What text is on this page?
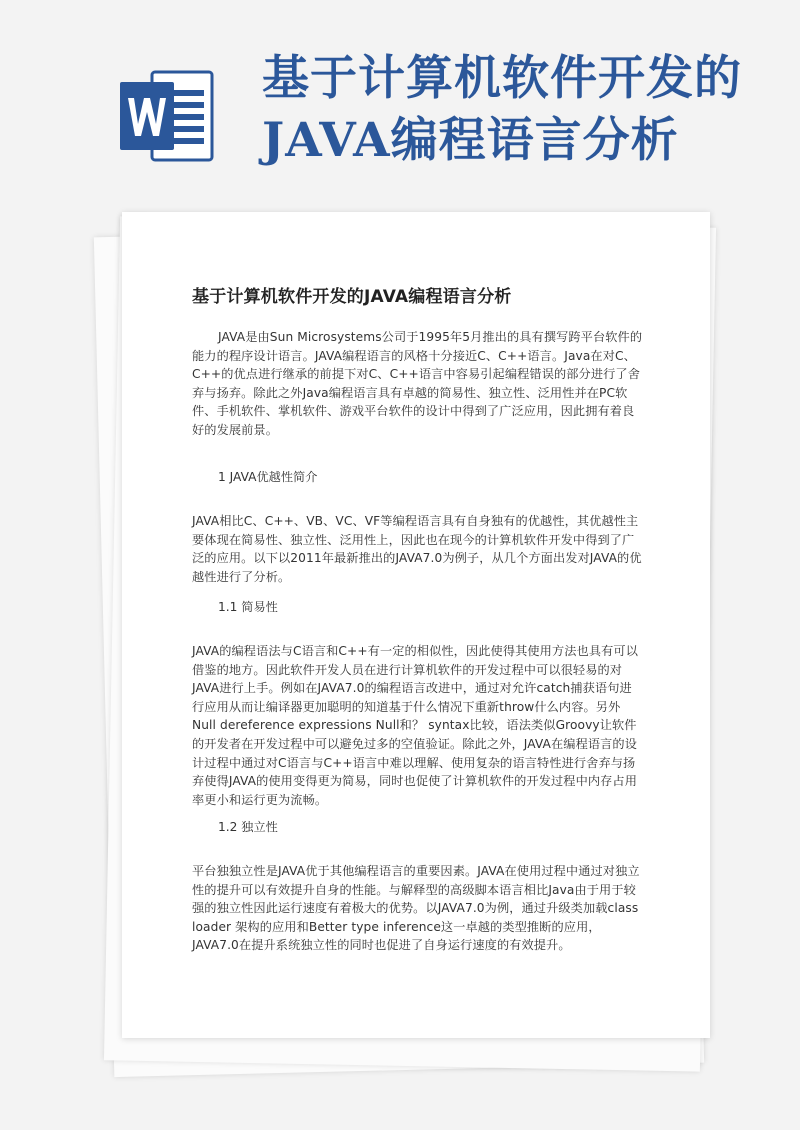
基于计算机软件开发的
JAVA编程语言分析
基于计算机软件开发的JAVA编程语言分析

JAVA是由Sun Microsystems公司于1995年5月推出的具有撰写跨平台软件的能力的程序设计语言。JAVA编程语言的风格十分接近C、C++语言。Java在对C、C++的优点进行继承的前提下对C、C++语言中容易引起编程错误的部分进行了舍弃与扬弃。除此之外Java编程语言具有卓越的简易性、独立性、泛用性并在PC软件、手机软件、掌机软件、游戏平台软件的设计中得到了广泛应用，因此拥有着良好的发展前景。

1 JAVA优越性简介

JAVA相比C、C++、VB、VC、VF等编程语言具有自身独有的优越性，其优越性主要体现在简易性、独立性、泛用性上，因此也在现今的计算机软件开发中得到了广泛的应用。以下以2011年最新推出的JAVA7.0为例子，从几个方面出发对JAVA的优越性进行了分析。

1.1 简易性

JAVA的编程语法与C语言和C++有一定的相似性，因此使得其使用方法也具有可以借鉴的地方。因此软件开发人员在进行计算机软件的开发过程中可以很轻易的对JAVA进行上手。例如在JAVA7.0的编程语言改进中，通过对允许catch捕获语句进行应用从而让编译器更加聪明的知道基于什么情况下重新throw什么内容。另外Null dereference expressions Null和？ syntax比较，语法类似Groovy让软件的开发者在开发过程中可以避免过多的空值验证。除此之外，JAVA在编程语言的设计过程中通过对C语言与C++语言中难以理解、使用复杂的语言特性进行舍弃与扬弃使得JAVA的使用变得更为简易，同时也促使了计算机软件的开发过程中内存占用率更小和运行更为流畅。

1.2 独立性

平台独独立性是JAVA优于其他编程语言的重要因素。JAVA在使用过程中通过对独立性的提升可以有效提升自身的性能。与解释型的高级脚本语言相比Java由于用于较强的独立性因此运行速度有着极大的优势。以JAVA7.0为例，通过升级类加载class loader 架构的应用和Better type inference这一卓越的类型推断的应用，JAVA7.0在提升系统独立性的同时也促进了自身运行速度的有效提升。
